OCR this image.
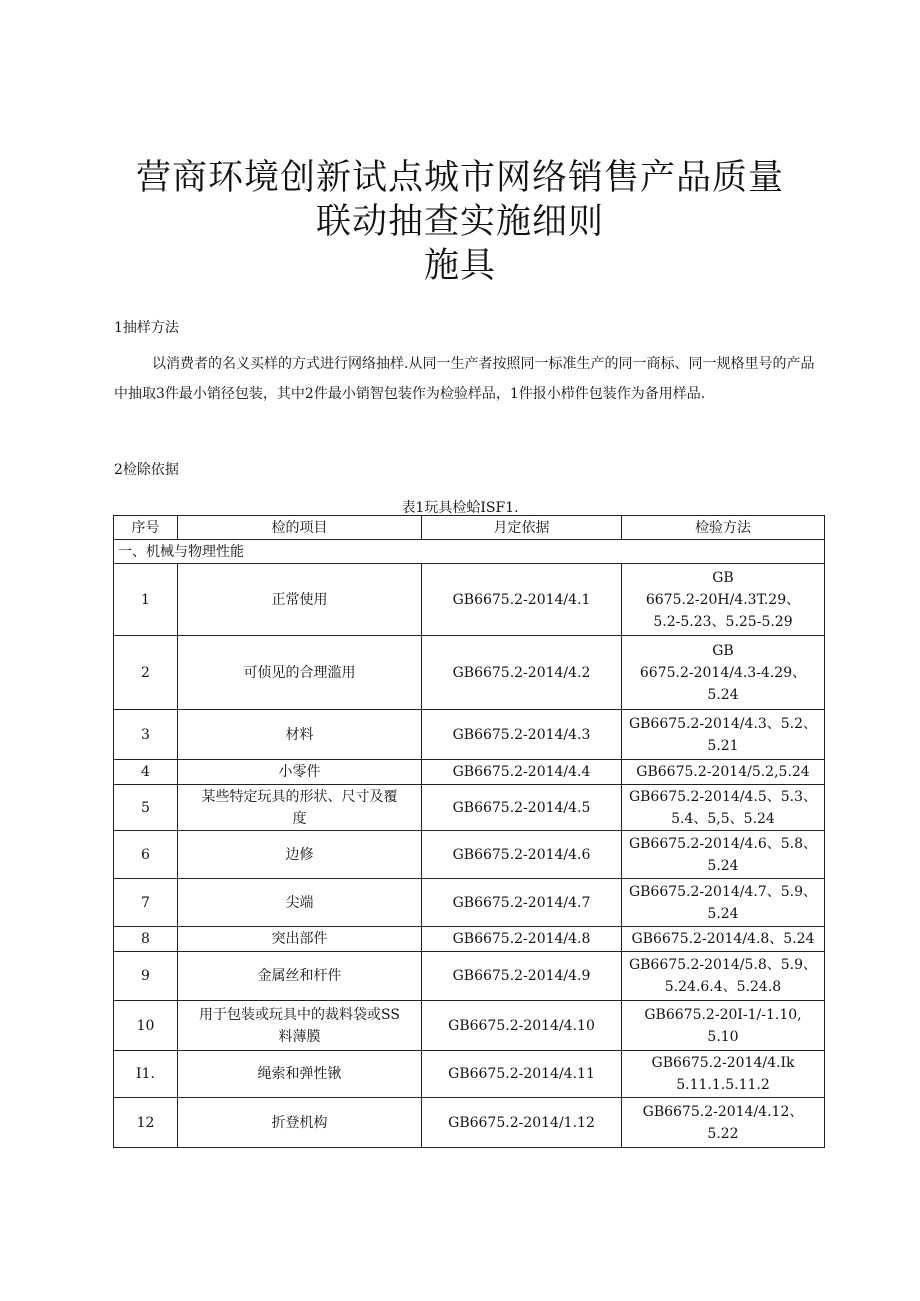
营商环境创新试点城市网络销售产品质量
联动抽查实施细则
施具
1抽样方法
以消费者的名义买样的方式进行网络抽样.从同一生产者按照同一标准生产的同一商标、同一规格里号的产品中抽取3件最小销径包装，其中2件最小销智包装作为检验样品，1件报小栉件包装作为备用样品.
2检除依据
表1玩具检蛤ISF1.
序号	检的项目	月定依据	检验方法
一、机械与物理性能			
1	正常使用	GB6675.2-2014/4.1	GB
6675.2-20H/4.3T.29、
5.2-5.23、5.25-5.29
2	可侦见的合理滥用	GB6675.2-2014/4.2	GB
6675.2-2014/4.3-4.29、
5.24
3	材料	GB6675.2-2014/4.3	GB6675.2-2014/4.3、5.2、
5.21
4	小零件	GB6675.2-2014/4.4	GB6675.2-2014/5.2,5.24
5	某些特定玩具的形状、尺寸及覆
度	GB6675.2-2014/4.5	GB6675.2-2014/4.5、5.3、
5.4、5,5、5.24
6	边修	GB6675.2-2014/4.6	GB6675.2-2014/4.6、5.8、
5.24
7	尖端	GB6675.2-2014/4.7	GB6675.2-2014/4.7、5.9、
5.24
8	突出部件	GB6675.2-2014/4.8	GB6675.2-2014/4.8、5.24
9	金属丝和杆件	GB6675.2-2014/4.9	GB6675.2-2014/5.8、5.9、
5.24.6.4、5.24.8
10	用于包装或玩具中的裁料袋或SS
料薄膜	GB6675.2-2014/4.10	GB6675.2-20I-1/-1.10,
5.10
I1.	绳索和弹性锹	GB6675.2-2014/4.11	GB6675.2-2014/4.Ik
5.11.1.5.11.2
12	折登机构	GB6675.2-2014/1.12	GB6675.2-2014/4.12、
5.22
